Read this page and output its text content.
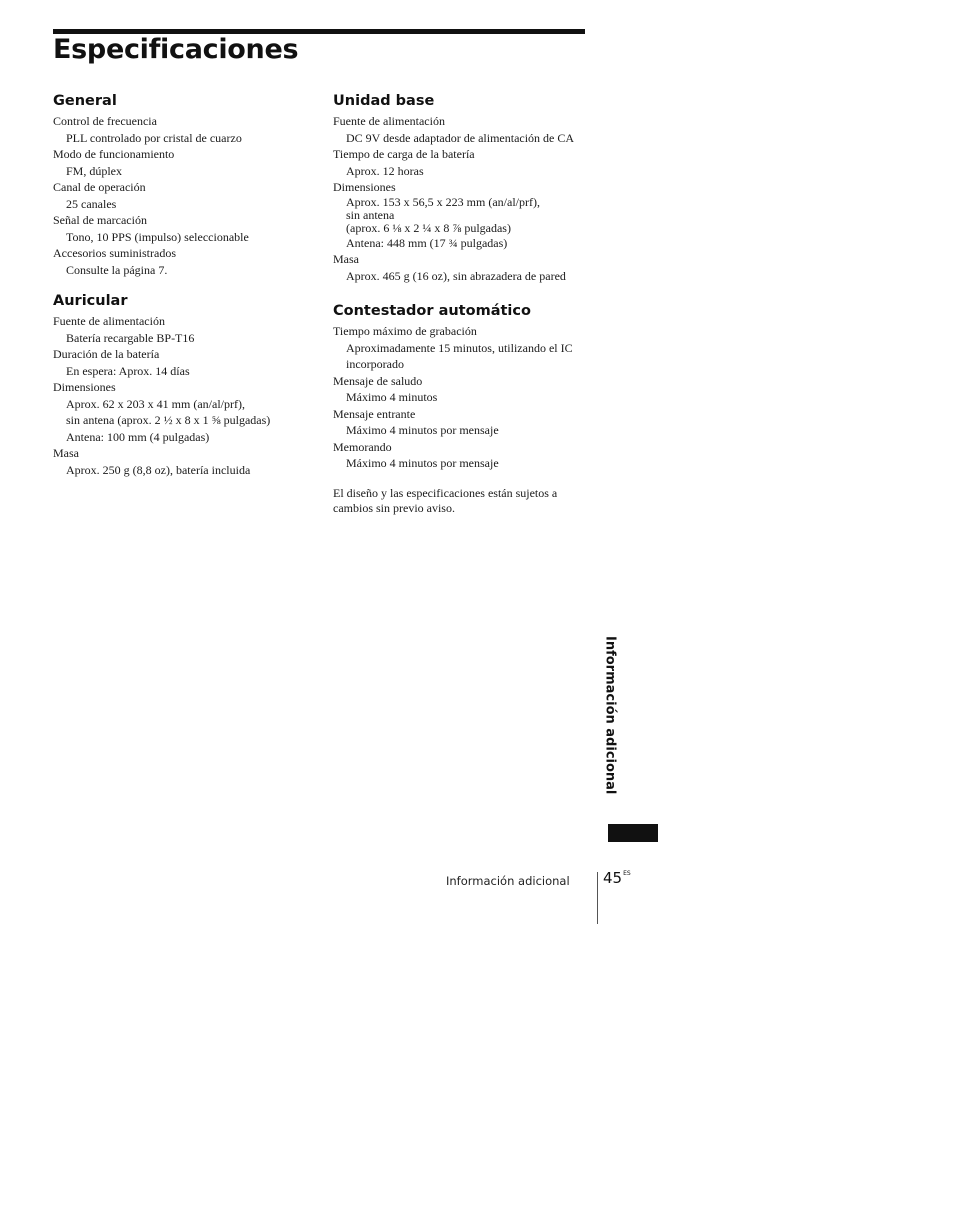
Especificaciones
General

Control de frecuencia

PLL controlado por cristal de cuarzo

Modo de funcionamiento

FM, dúplex

Canal de operación

25 canales

Señal de marcación

Tono, 10 PPS (impulso) seleccionable

Accesorios suministrados

Consulte la página 7.

Auricular

Fuente de alimentación

Batería recargable BP-T16

Duración de la batería

En espera: Aprox. 14 días

Dimensiones

Aprox. 62 x 203 x 41 mm (an/al/prf),

sin antena (aprox. 2 ½ x 8 x 1 ⅝ pulgadas)

Antena: 100 mm (4 pulgadas)

Masa

Aprox. 250 g (8,8 oz), batería incluida

Unidad base

Fuente de alimentación

DC 9V desde adaptador de alimentación de CA

Tiempo de carga de la batería

Aprox. 12 horas

Dimensiones

Aprox. 153 x 56,5 x 223 mm (an/al/prf),
sin antena
(aprox. 6 ⅛ x 2 ¼ x 8 ⅞ pulgadas)

Antena: 448 mm (17 ¾ pulgadas)

Masa

Aprox. 465 g (16 oz), sin abrazadera de pared

Contestador automático

Tiempo máximo de grabación

Aproximadamente 15 minutos, utilizando el IC incorporado

Mensaje de saludo

Máximo 4 minutos

Mensaje entrante

Máximo 4 minutos por mensaje

Memorando

Máximo 4 minutos por mensaje

El diseño y las especificaciones están sujetos a cambios sin previo aviso.

Información adicional
Información adicional $45^{ES}$
